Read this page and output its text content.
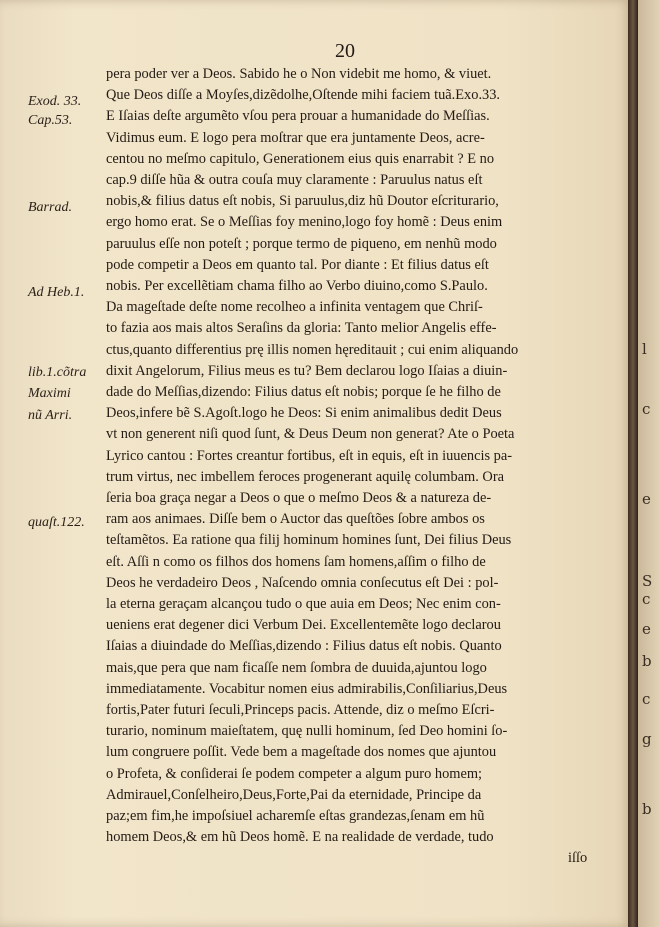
20
Exod. 33.
Cap.53.
Barrad.
Ad Heb.1.
lib.1.cõtra
Maximi
nũ Arri.
quaſt.122.
pera poder ver a Deos. Sabido he o Non videbit me homo, & viuet.
Que Deos diſſe a Moyſes,dizẽdolhe,Oſtende mihi faciem tuã.Exo.33.
E Iſaias deſte argumẽto vſou pera prouar a humanidade do Meſſias.
Vidimus eum. E logo pera moſtrar que era juntamente Deos, acre-
centou no meſmo capitulo, Generationem eius quis enarrabit ? E no
cap.9 diſſe hũa & outra couſa muy claramente : Paruulus natus eſt
nobis,& filius datus eſt nobis, Si paruulus,diz hũ Doutor eſcriturario,
ergo homo erat. Se o Meſſias foy menino,logo foy homẽ : Deus enim
paruulus eſſe non poteſt ; porque termo de piqueno, em nenhũ modo
pode competir a Deos em quanto tal. Por diante : Et filius datus eſt
nobis. Per excellẽtiam chama filho ao Verbo diuino,como S.Paulo.
Da mageſtade deſte nome recolheo a infinita ventagem que Chriſ-
to fazia aos mais altos Seraſins da gloria: Tanto melior Angelis effe-
ctus,quanto differentius prę illis nomen hęreditauit ; cui enim aliquando
dixit Angelorum, Filius meus es tu? Bem declarou logo Iſaias a diuin-
dade do Meſſias,dizendo: Filius datus eſt nobis; porque ſe he filho de
Deos,infere bẽ S.Agoſt.logo he Deos: Si enim animalibus dedit Deus
vt non generent niſi quod ſunt, & Deus Deum non generat? Ate o Poeta
Lyrico cantou : Fortes creantur fortibus, eſt in equis, eſt in iuuencis pa-
trum virtus, nec imbellem feroces progenerant aquilę columbam. Ora
ſeria boa graça negar a Deos o que o meſmo Deos & a natureza de-
ram aos animaes. Diſſe bem o Auctor das queſtões ſobre ambos os
teſtamẽtos. Ea ratione qua filij hominum homines ſunt, Dei filius Deus
eſt. Aſſi n como os filhos dos homens ſam homens,aſſim o filho de
Deos he verdadeiro Deos , Naſcendo omnia conſecutus eſt Dei : pol-
la eterna geraçam alcançou tudo o que auia em Deos; Nec enim con-
ueniens erat degener dici Verbum Dei. Excellentemẽte logo declarou
Iſaias a diuindade do Meſſias,dizendo : Filius datus eſt nobis. Quanto
mais,que pera que nam ficaſſe nem ſombra de duuida,ajuntou logo
immediatamente. Vocabitur nomen eius admirabilis,Conſiliarius,Deus
fortis,Pater futuri ſeculi,Princeps pacis. Attende, diz o meſmo Eſcri-
turario, nominum maieſtatem, quę nulli hominum, ſed Deo homini ſo-
lum congruere poſſit. Vede bem a mageſtade dos nomes que ajuntou
o Profeta, & conſiderai ſe podem competer a algum puro homem;
Admirauel,Conſelheiro,Deus,Forte,Pai da eternidade, Principe da
paz;em fim,he impoſsiuel acharemſe eſtas grandezas,ſenam em hũ
homem Deos,& em hũ Deos homẽ. E na realidade de verdade, tudo
iſſo
l
c
e
S
c
e
b
c
g
b
